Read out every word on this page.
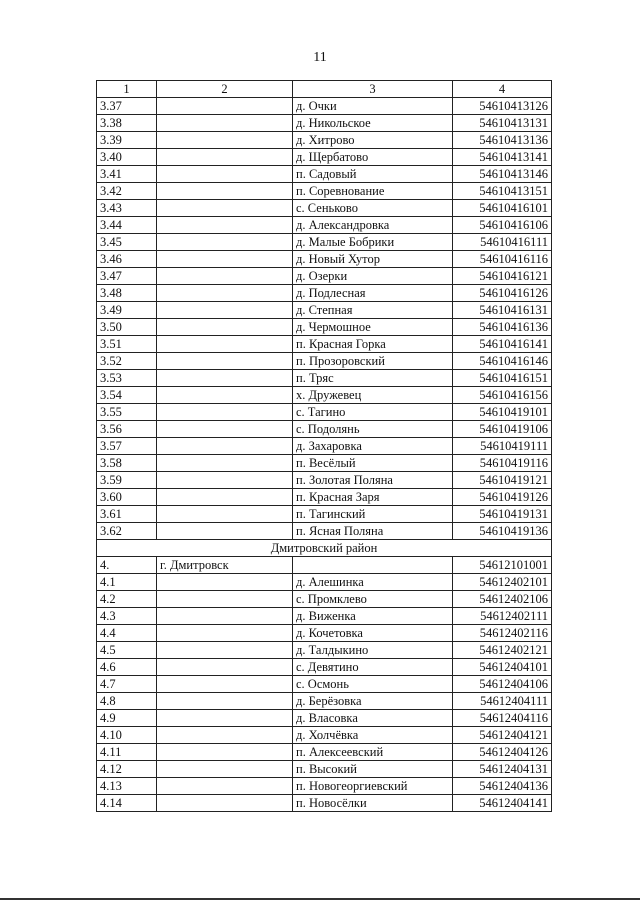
11
1	2	3	4
3.37		д. Очки	54610413126
3.38		д. Никольское	54610413131
3.39		д. Хитрово	54610413136
3.40		д. Щербатово	54610413141
3.41		п. Садовый	54610413146
3.42		п. Соревнование	54610413151
3.43		с. Сеньково	54610416101
3.44		д. Александровка	54610416106
3.45		д. Малые Бобрики	54610416111
3.46		д. Новый Хутор	54610416116
3.47		д. Озерки	54610416121
3.48		д. Подлесная	54610416126
3.49		д. Степная	54610416131
3.50		д. Чермошное	54610416136
3.51		п. Красная Горка	54610416141
3.52		п. Прозоровский	54610416146
3.53		п. Тряс	54610416151
3.54		х. Дружевец	54610416156
3.55		с. Тагино	54610419101
3.56		с. Подолянь	54610419106
3.57		д. Захаровка	54610419111
3.58		п. Весёлый	54610419116
3.59		п. Золотая Поляна	54610419121
3.60		п. Красная Заря	54610419126
3.61		п. Тагинский	54610419131
3.62		п. Ясная Поляна	54610419136
Дмитровский район			
4.	г. Дмитровск		54612101001
4.1		д. Алешинка	54612402101
4.2		с. Промклево	54612402106
4.3		д. Виженка	54612402111
4.4		д. Кочетовка	54612402116
4.5		д. Талдыкино	54612402121
4.6		с. Девятино	54612404101
4.7		с. Осмонь	54612404106
4.8		д. Берёзовка	54612404111
4.9		д. Власовка	54612404116
4.10		д. Холчёвка	54612404121
4.11		п. Алексеевский	54612404126
4.12		п. Высокий	54612404131
4.13		п. Новогеоргиевский	54612404136
4.14		п. Новосёлки	54612404141
